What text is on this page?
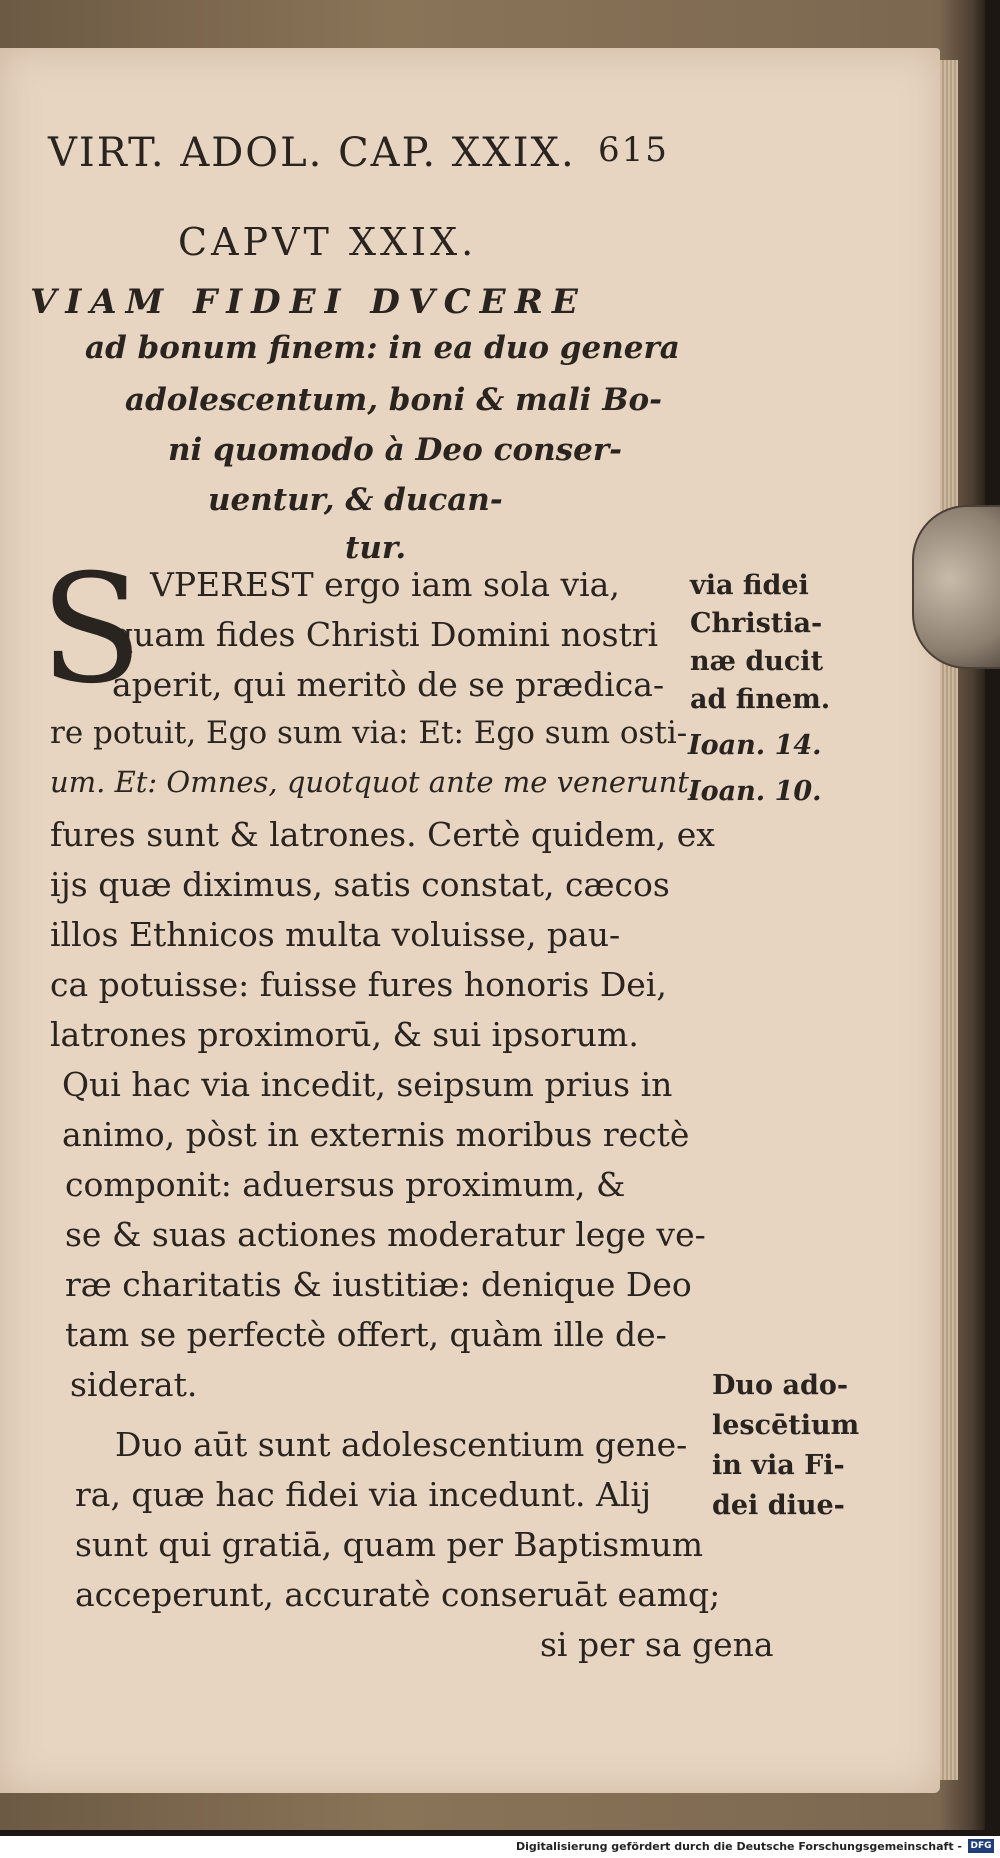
VIRT. ADOL. CAP. XXIX. 615
CAPVT XXIX.
VIAM FIDEI DVCERE
ad bonum finem: in ea duo genera
adolescentum, boni & mali Bo-
ni quomodo à Deo conser-
uentur, & ducan-
tur.
S VPEREST ergo iam sola via,
quam fides Christi Domini nostri
aperit, qui meritò de se prædica-
re potuit, Ego sum via: Et: Ego sum osti-
um. Et: Omnes, quotquot ante me venerunt,
fures sunt & latrones. Certè quidem, ex
ijs quæ diximus, satis constat, cæcos
illos Ethnicos multa voluisse, pau-
ca potuisse: fuisse fures honoris Dei,
latrones proximorū, & sui ipsorum.
Qui hac via incedit, seipsum prius in
animo, pòst in externis moribus rectè
componit: aduersus proximum, &
se & suas actiones moderatur lege ve-
ræ charitatis & iustitiæ: denique Deo
tam se perfectè offert, quàm ille de-
siderat.
Duo aūt sunt adolescentium gene-
ra, quæ hac fidei via incedunt. Alij
sunt qui gratiā, quam per Baptismum
acceperunt, accuratè conseruāt eamq;
si per sa gena
via fidei
Christia-
næ ducit
ad finem.
Ioan. 14.
Ioan. 10.
Duo ado-
lescētium
in via Fi-
dei diue-
Digitalisierung gefördert durch die Deutsche Forschungsgemeinschaft - DFG
